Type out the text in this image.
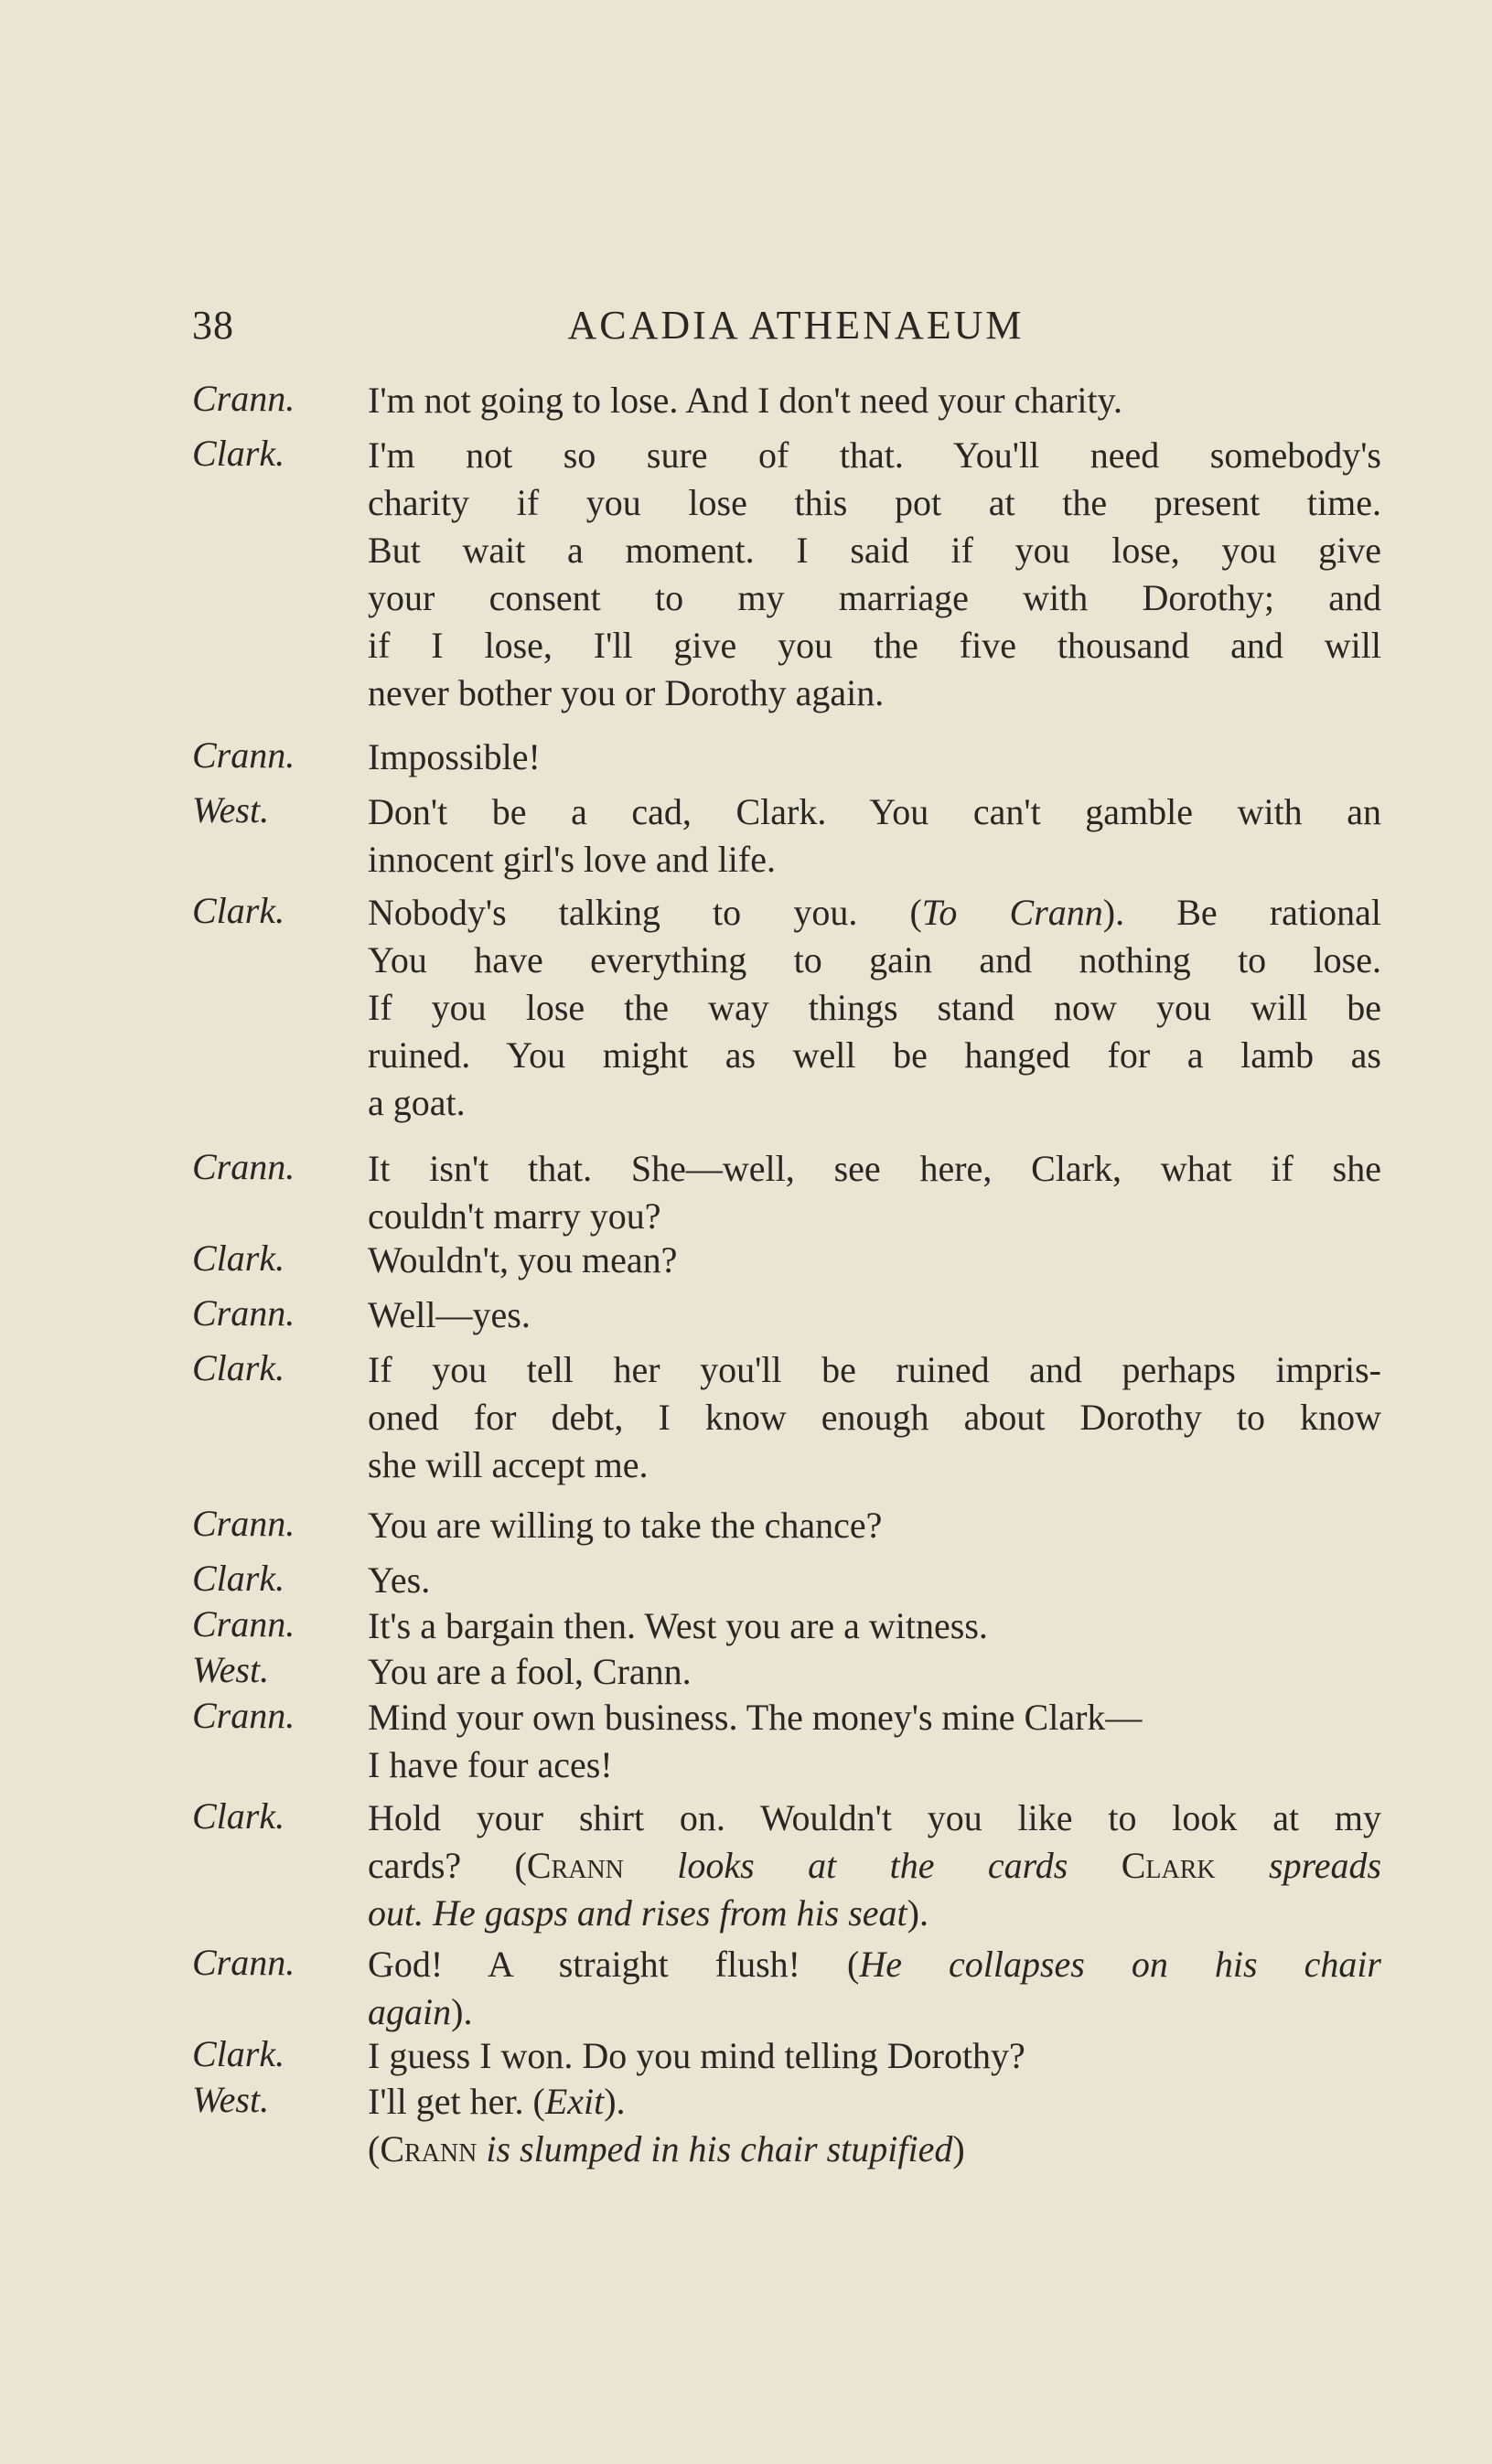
38	ACADIA ATHENAEUM
Crann. I'm not going to lose. And I don't need your charity.
Clark. I'm not so sure of that. You'll need somebody's
charity if you lose this pot at the present time.
But wait a moment. I said if you lose, you give
your consent to my marriage with Dorothy; and
if I lose, I'll give you the five thousand and will
never bother you or Dorothy again.
Crann. Impossible!
West.	Don't be a cad, Clark. You can't gamble with an
innocent girl's love and life.
Clark. Nobody's talking to you. (To Crann). Be rational
You have everything to gain and nothing to lose.
If you lose the way things stand now you will be
ruined. You might as well be hanged for a lamb as
a goat.
Crann. It isn't that. She—well, see here, Clark, what if she
couldn't marry you?
Clark. Wouldn't, you mean?
Crann. Well—yes.
Clark. If you tell her you'll be ruined and perhaps impris-
oned for debt, I know enough about Dorothy to know
she will accept me.
Crann. You are willing to take the chance?
Clark. Yes.
Crann. It's a bargain then. West you are a witness.
West.	You are a fool, Crann.
Crann. Mind your own business. The money's mine Clark—
I have four aces!
Clark. Hold your shirt on. Wouldn't you like to look at my
cards? (Crann looks at the cards Clark spreads
out. He gasps and rises from his seat).
Crann. God! A straight flush! (He collapses on his chair
again).
Clark. I guess I won. Do you mind telling Dorothy?
West.	I'll get her. (Exit).
(Crann is slumped in his chair stupified)
